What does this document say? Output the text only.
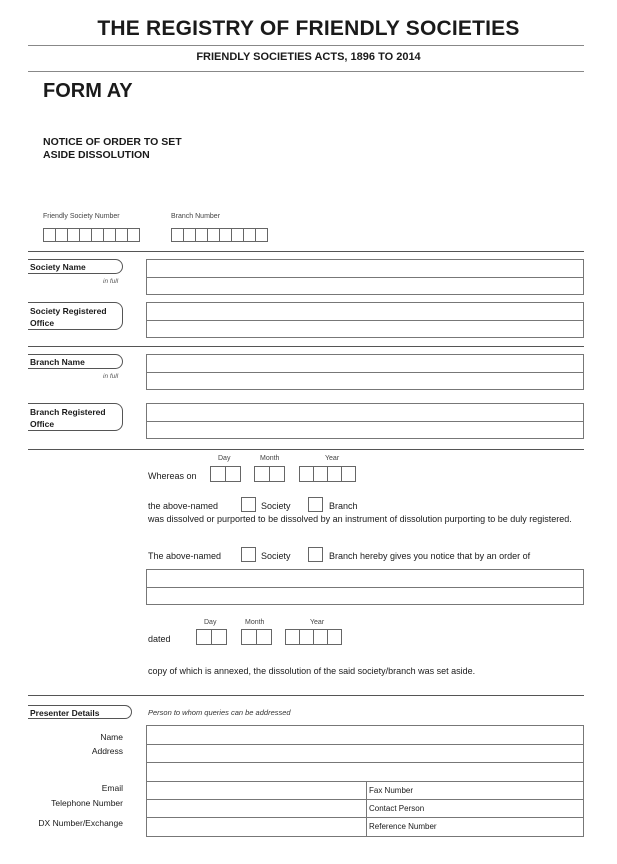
THE REGISTRY OF FRIENDLY SOCIETIES
FRIENDLY SOCIETIES ACTS, 1896 TO 2014
FORM AY
NOTICE OF ORDER TO SET
ASIDE DISSOLUTION
Friendly Society Number	Branch Number
Society Name
in full
Society Registered
Office
Branch Name
in full
Branch Registered
Office
Day	Month	Year
Whereas on
the above-named	Society	Branch
was dissolved or purported to be dissolved by an instrument of dissolution purporting to be duly registered.
The above-named	Society	Branch hereby gives you notice that by an order of
Day	Month	Year
dated
copy of which is annexed, the dissolution of the said society/branch was set aside.
Presenter Details	Person to whom queries can be addressed
Name
Address
Email
Telephone Number
DX Number/Exchange
Fax Number
Contact Person
Reference Number
